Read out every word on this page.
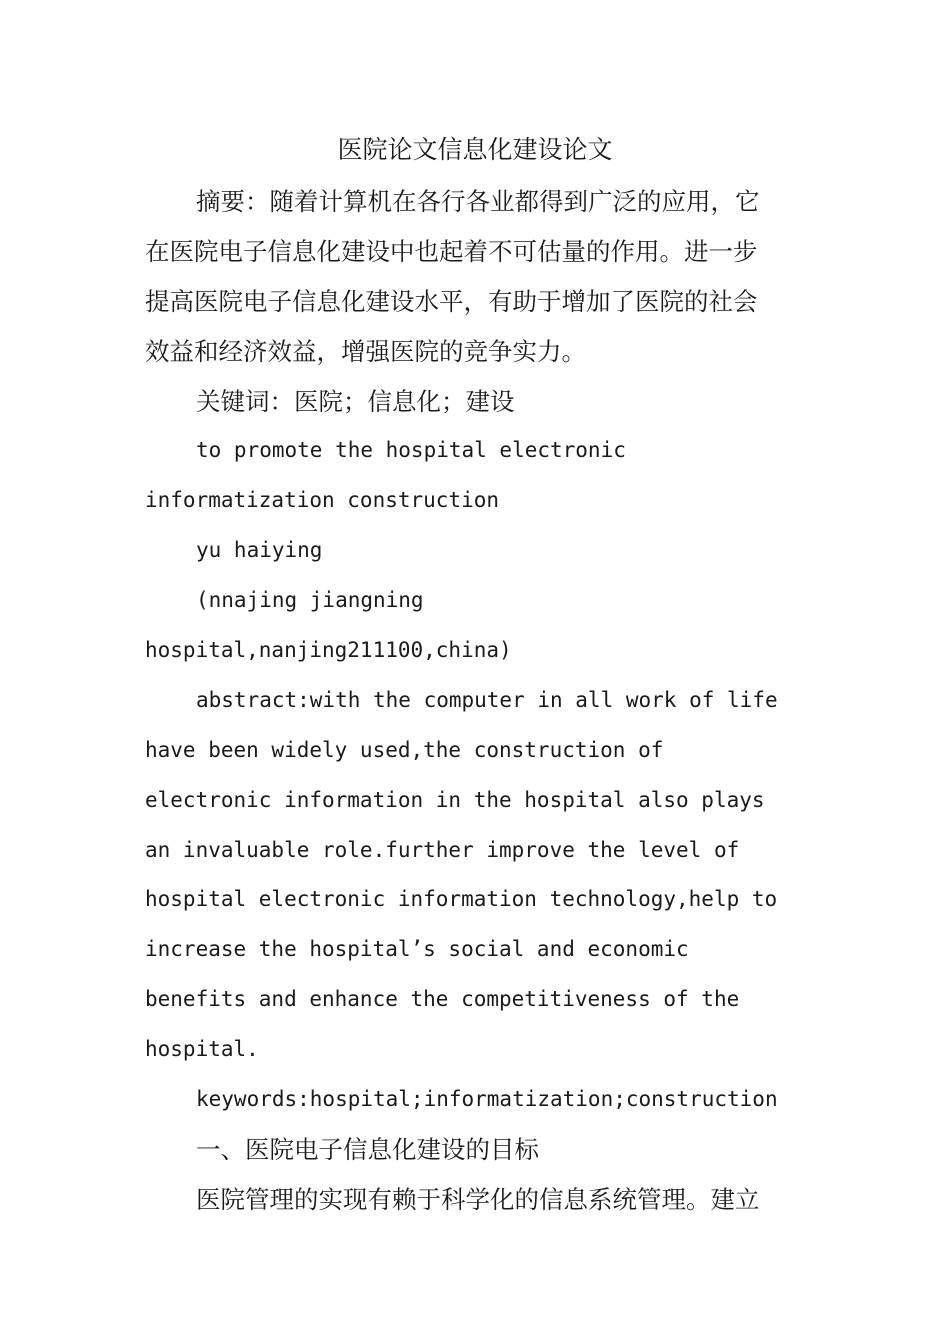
医院论文信息化建设论文
摘要：随着计算机在各行各业都得到广泛的应用，它
在医院电子信息化建设中也起着不可估量的作用。进一步
提高医院电子信息化建设水平，有助于增加了医院的社会
效益和经济效益，增强医院的竞争实力。
关键词：医院；信息化；建设
to promote the hospital electronic
informatization construction
yu haiying
(nnajing jiangning
hospital,nanjing211100,china)
abstract:with the computer in all work of life
have been widely used,the construction of
electronic information in the hospital also plays
an invaluable role.further improve the level of
hospital electronic information technology,help to
increase the hospital’s social and economic
benefits and enhance the competitiveness of the
hospital.
keywords:hospital;informatization;construction
一、医院电子信息化建设的目标
医院管理的实现有赖于科学化的信息系统管理。建立
